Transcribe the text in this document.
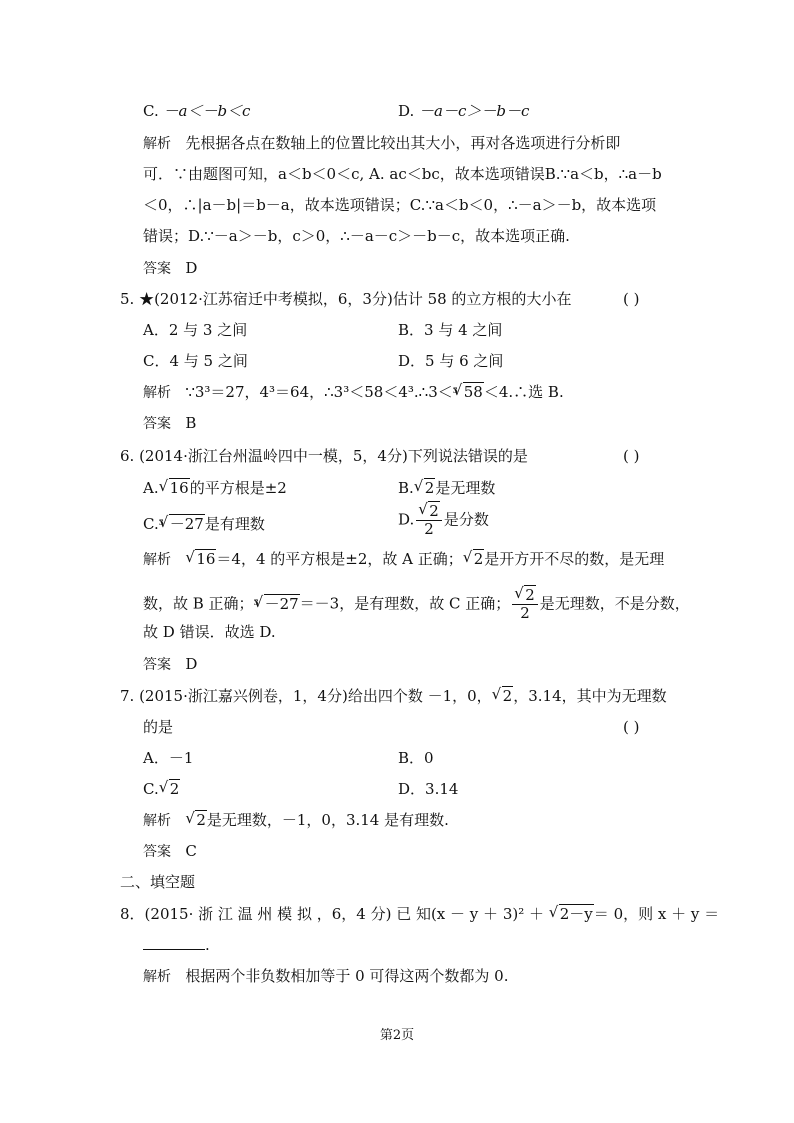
C. －a＜－b＜c	D. －a－c＞－b－c
解析 先根据各点在数轴上的位置比较出其大小，再对各选项进行分析即
可．∵由题图可知，a＜b＜0＜c, A. ac＜bc，故本选项错误B.∵a＜b，∴a－b
＜0，∴|a－b|＝b－a，故本选项错误；C.∵a＜b＜0，∴－a＞－b，故本选项
错误；D.∵－a＞－b，c＞0，∴－a－c＞－b－c，故本选项正确.
答案 D
5. ★(2012·江苏宿迁中考模拟，6，3分)估计 58 的立方根的大小在	( )
A．2 与 3 之间	B．3 与 4 之间
C．4 与 5 之间	D．5 与 6 之间
解析 ∵3³＝27，4³＝64，∴3³＜58＜4³.∴3＜ 3 √ 58＜4.∴选 B.
答案 B
6. (2014·浙江台州温岭四中一模，5，4分)下列说法错误的是	( )
A. √ 16的平方根是±2	B. √ 2是无理数
C. 3 √ －27是有理数	D. √ $\frac{2}{2}$ 是分数
解析 √ 16＝4，4 的平方根是±2，故 A 正确； √ 2是开方开不尽的数，是无理
数，故 B 正确； 3 √ －27＝－3，是有理数，故 C 正确； √ $\frac{2}{2}$ 是无理数，不是分数，
故 D 错误．故选 D.
答案 D
7. (2015·浙江嘉兴例卷，1，4分)给出四个数 －1，0， √ 2，3.14，其中为无理数
的是	( )
A．－1	B．0
C. √ 2	D．3.14
解析 √ 2是无理数，－1，0，3.14 是有理数.
答案 C
二、填空题
8．(2015· 浙 江 温 州 模 拟 ，6，4 分) 已 知(x － y ＋ 3)² ＋ √ 2－y＝ 0，则 x ＋ y ＝
.
解析 根据两个非负数相加等于 0 可得这两个数都为 0.
第2页
